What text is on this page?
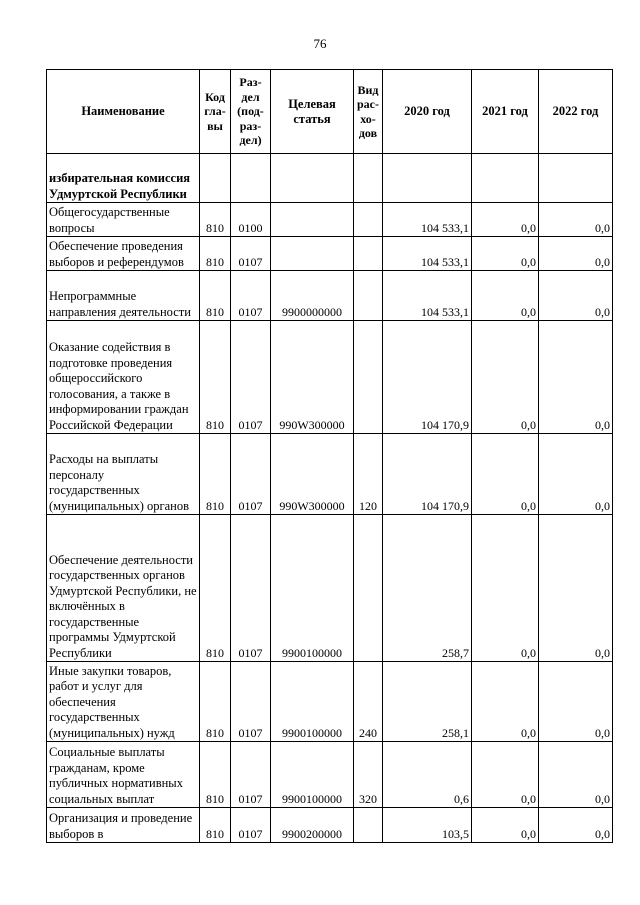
76
Наименование	Код гла- вы	Раз- дел (под- раз- дел)	Целевая статья	Вид рас- хо- дов	2020 год	2021 год	2022 год
избирательная комиссия Удмуртской Республики							
Общегосударственные вопросы	810	0100			104 533,1	0,0	0,0
Обеспечение проведения выборов и референдумов	810	0107			104 533,1	0,0	0,0
Непрограммные направления деятельности	810	0107	9900000000		104 533,1	0,0	0,0
Оказание содействия в подготовке проведения общероссийского голосования, а также в информировании граждан Российской Федерации	810	0107	990W300000		104 170,9	0,0	0,0
Расходы на выплаты персоналу государственных (муниципальных) органов	810	0107	990W300000	120	104 170,9	0,0	0,0
Обеспечение деятельности государственных органов Удмуртской Республики, не включённых в государственные программы Удмуртской Республики	810	0107	9900100000		258,7	0,0	0,0
Иные закупки товаров, работ и услуг для обеспечения государственных (муниципальных) нужд	810	0107	9900100000	240	258,1	0,0	0,0
Социальные выплаты гражданам, кроме публичных нормативных социальных выплат	810	0107	9900100000	320	0,6	0,0	0,0
Организация и проведение выборов в	810	0107	9900200000		103,5	0,0	0,0
